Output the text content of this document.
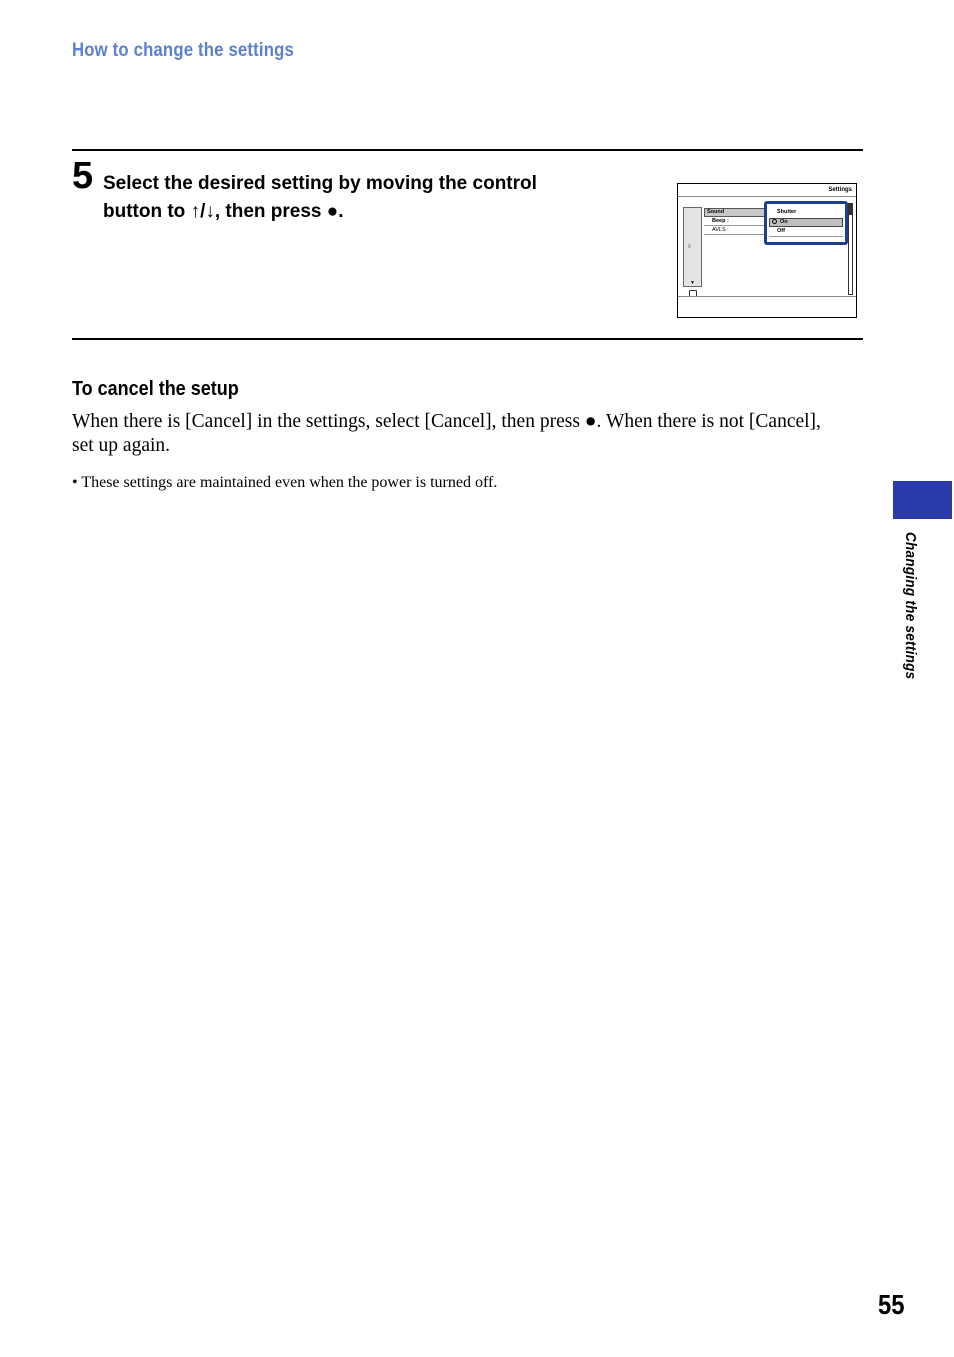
How to change the settings
5 Select the desired setting by moving the control button to ↑/↓, then press ●.
Settings
♮
▼
Sound
Beep :
AVLS :
Shutter
On
Off
To cancel the setup
When there is [Cancel] in the settings, select [Cancel], then press ●. When there is not [Cancel], set up again.
• These settings are maintained even when the power is turned off.
Changing the settings
55
